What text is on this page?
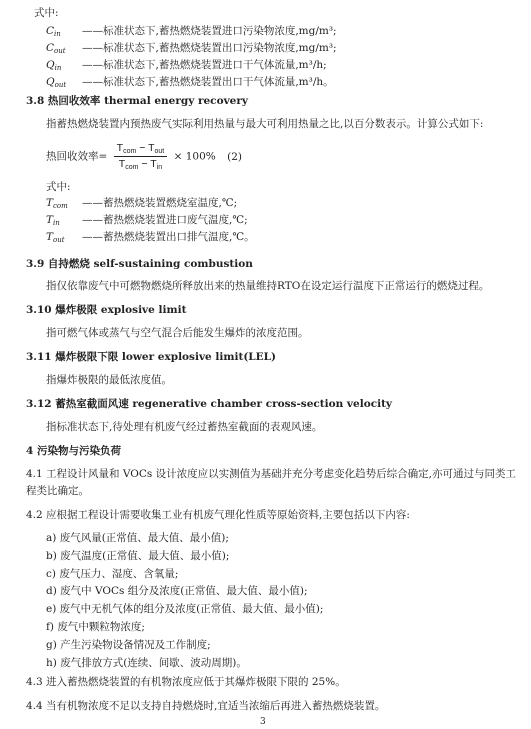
式中:
$C_{in}$ ——标准状态下,蓄热燃烧装置进口污染物浓度,mg/m³;
$C_{out}$ ——标准状态下,蓄热燃烧装置出口污染物浓度,mg/m³;
$Q_{in}$ ——标准状态下,蓄热燃烧装置进口干气体流量,m³/h;
$Q_{out}$ ——标准状态下,蓄热燃烧装置出口干气体流量,m³/h。
3.8 热回收效率 thermal energy recovery
指蓄热燃烧装置内预热废气实际利用热量与最大可利用热量之比,以百分数表示。计算公式如下:
热回收效率= $\frac{T_{com} - T_{out}}{T_{com} - T_{in}} \times 100\%$ (2)
式中:
$T_{com}$ ——蓄热燃烧装置燃烧室温度,℃;
$T_{in}$ ——蓄热燃烧装置进口废气温度,℃;
$T_{out}$ ——蓄热燃烧装置出口排气温度,℃。
3.9 自持燃烧 self-sustaining combustion
指仅依靠废气中可燃物燃烧所释放出来的热量维持RTO在设定运行温度下正常运行的燃烧过程。
3.10 爆炸极限 explosive limit
指可燃气体或蒸气与空气混合后能发生爆炸的浓度范围。
3.11 爆炸极限下限 lower explosive limit(LEL)
指爆炸极限的最低浓度值。
3.12 蓄热室截面风速 regenerative chamber cross-section velocity
指标准状态下,待处理有机废气经过蓄热室截面的表观风速。
4 污染物与污染负荷
4.1 工程设计风量和 VOCs 设计浓度应以实测值为基础并充分考虑变化趋势后综合确定,亦可通过与同类工
程类比确定。
4.2 应根据工程设计需要收集工业有机废气理化性质等原始资料,主要包括以下内容:
a) 废气风量(正常值、最大值、最小值);
b) 废气温度(正常值、最大值、最小值);
c) 废气压力、湿度、含氧量;
d) 废气中 VOCs 组分及浓度(正常值、最大值、最小值);
e) 废气中无机气体的组分及浓度(正常值、最大值、最小值);
f) 废气中颗粒物浓度;
g) 产生污染物设备情况及工作制度;
h) 废气排放方式(连续、间歇、波动周期)。
4.3 进入蓄热燃烧装置的有机物浓度应低于其爆炸极限下限的 25%。
4.4 当有机物浓度不足以支持自持燃烧时,宜适当浓缩后再进入蓄热燃烧装置。
3
